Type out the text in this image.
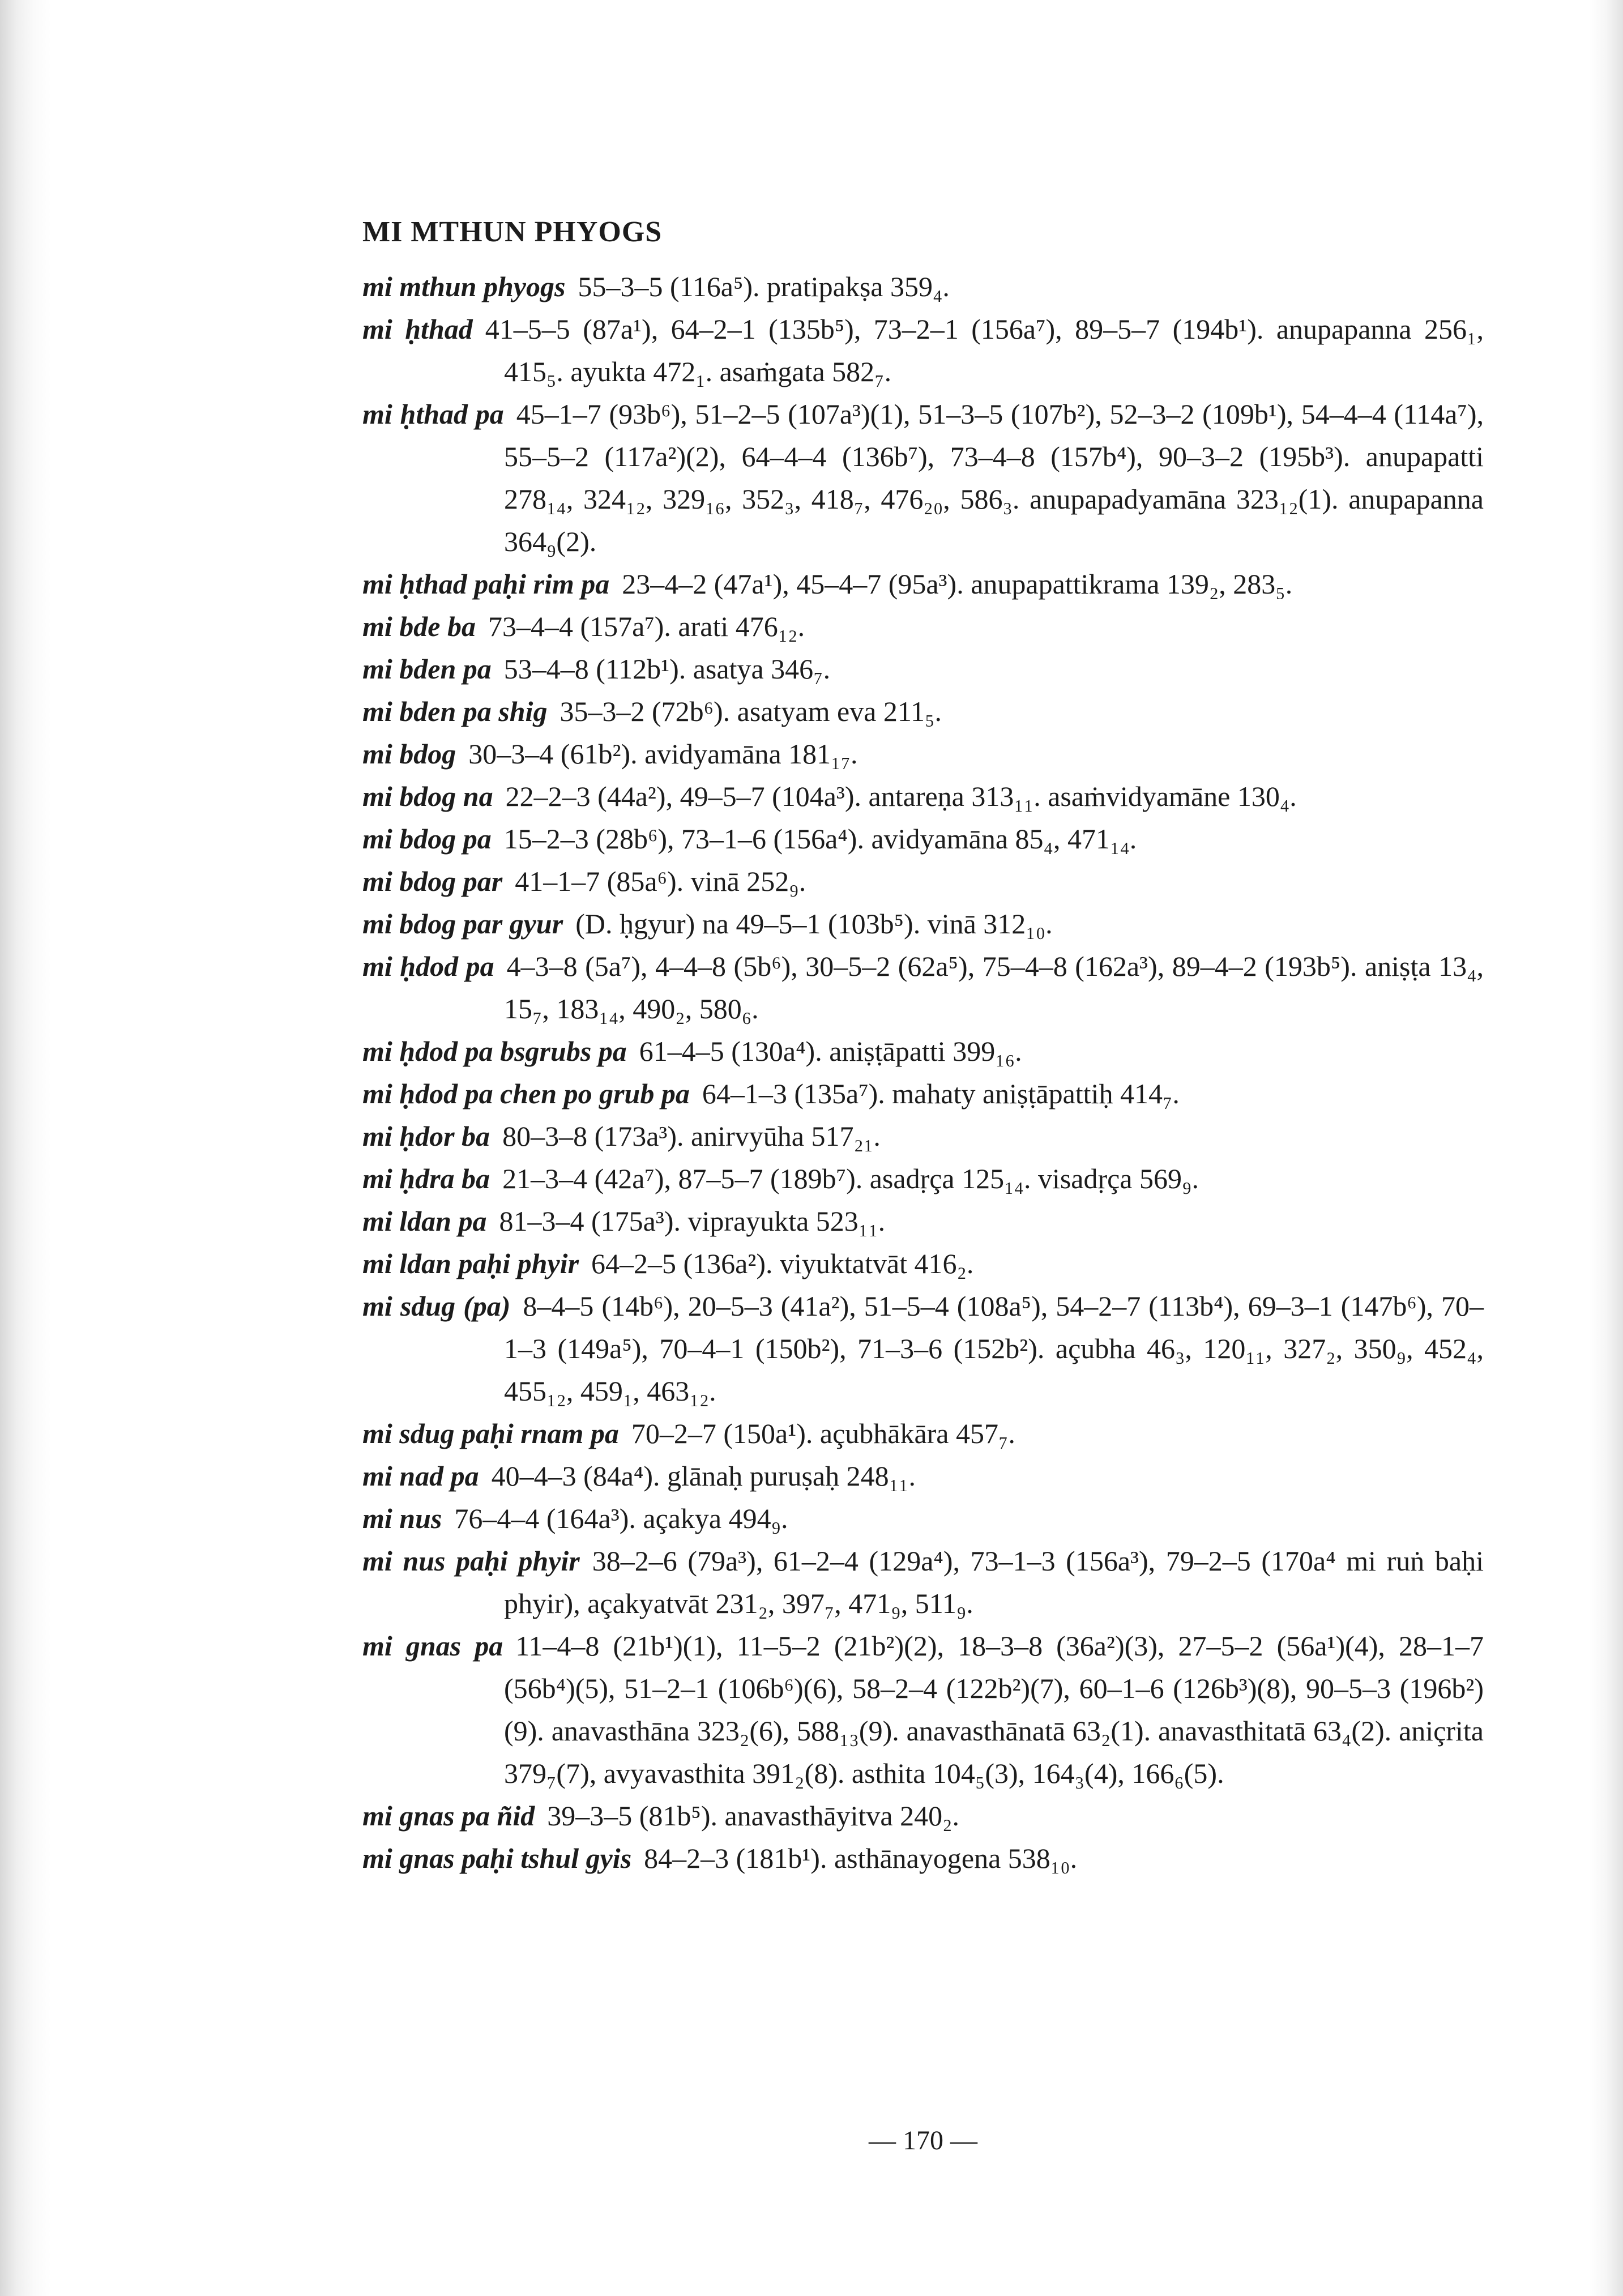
MI MTHUN PHYOGS

mi mthun phyogs 55–3–5 (116a⁵). pratipakṣa 359₄.

mi ḥthad 41–5–5 (87a¹), 64–2–1 (135b⁵), 73–2–1 (156a⁷), 89–5–7 (194b¹). anupapanna 256₁, 415₅. ayukta 472₁. asaṁgata 582₇.

mi ḥthad pa 45–1–7 (93b⁶), 51–2–5 (107a³)(1), 51–3–5 (107b²), 52–3–2 (109b¹), 54–4–4 (114a⁷), 55–5–2 (117a²)(2), 64–4–4 (136b⁷), 73–4–8 (157b⁴), 90–3–2 (195b³). anupapatti 278₁₄, 324₁₂, 329₁₆, 352₃, 418₇, 476₂₀, 586₃. anupapadyamāna 323₁₂(1). anupapanna 364₉(2).

mi ḥthad paḥi rim pa 23–4–2 (47a¹), 45–4–7 (95a³). anupapattikrama 139₂, 283₅.

mi bde ba 73–4–4 (157a⁷). arati 476₁₂.

mi bden pa 53–4–8 (112b¹). asatya 346₇.

mi bden pa shig 35–3–2 (72b⁶). asatyam eva 211₅.

mi bdog 30–3–4 (61b²). avidyamāna 181₁₇.

mi bdog na 22–2–3 (44a²), 49–5–7 (104a³). antareṇa 313₁₁. asaṁvidyamāne 130₄.

mi bdog pa 15–2–3 (28b⁶), 73–1–6 (156a⁴). avidyamāna 85₄, 471₁₄.

mi bdog par 41–1–7 (85a⁶). vinā 252₉.

mi bdog par gyur (D. ḥgyur) na 49–5–1 (103b⁵). vinā 312₁₀.

mi ḥdod pa 4–3–8 (5a⁷), 4–4–8 (5b⁶), 30–5–2 (62a⁵), 75–4–8 (162a³), 89–4–2 (193b⁵). aniṣṭa 13₄, 15₇, 183₁₄, 490₂, 580₆.

mi ḥdod pa bsgrubs pa 61–4–5 (130a⁴). aniṣṭāpatti 399₁₆.

mi ḥdod pa chen po grub pa 64–1–3 (135a⁷). mahaty aniṣṭāpattiḥ 414₇.

mi ḥdor ba 80–3–8 (173a³). anirvyūha 517₂₁.

mi ḥdra ba 21–3–4 (42a⁷), 87–5–7 (189b⁷). asadṛça 125₁₄. visadṛça 569₉.

mi ldan pa 81–3–4 (175a³). viprayukta 523₁₁.

mi ldan paḥi phyir 64–2–5 (136a²). viyuktatvāt 416₂.

mi sdug (pa) 8–4–5 (14b⁶), 20–5–3 (41a²), 51–5–4 (108a⁵), 54–2–7 (113b⁴), 69–3–1 (147b⁶), 70–1–3 (149a⁵), 70–4–1 (150b²), 71–3–6 (152b²). açubha 46₃, 120₁₁, 327₂, 350₉, 452₄, 455₁₂, 459₁, 463₁₂.

mi sdug paḥi rnam pa 70–2–7 (150a¹). açubhākāra 457₇.

mi nad pa 40–4–3 (84a⁴). glānaḥ puruṣaḥ 248₁₁.

mi nus 76–4–4 (164a³). açakya 494₉.

mi nus paḥi phyir 38–2–6 (79a³), 61–2–4 (129a⁴), 73–1–3 (156a³), 79–2–5 (170a⁴ mi ruṅ baḥi phyir), açakyatvāt 231₂, 397₇, 471₉, 511₉.

mi gnas pa 11–4–8 (21b¹)(1), 11–5–2 (21b²)(2), 18–3–8 (36a²)(3), 27–5–2 (56a¹)(4), 28–1–7 (56b⁴)(5), 51–2–1 (106b⁶)(6), 58–2–4 (122b²)(7), 60–1–6 (126b³)(8), 90–5–3 (196b²)(9). anavasthāna 323₂(6), 588₁₃(9). anavasthānatā 63₂(1). anavasthitatā 63₄(2). aniçrita 379₇(7), avyavasthita 391₂(8). asthita 104₅(3), 164₃(4), 166₆(5).

mi gnas pa ñid 39–3–5 (81b⁵). anavasthāyitva 240₂.

mi gnas paḥi tshul gyis 84–2–3 (181b¹). asthānayogena 538₁₀.

— 170 —
